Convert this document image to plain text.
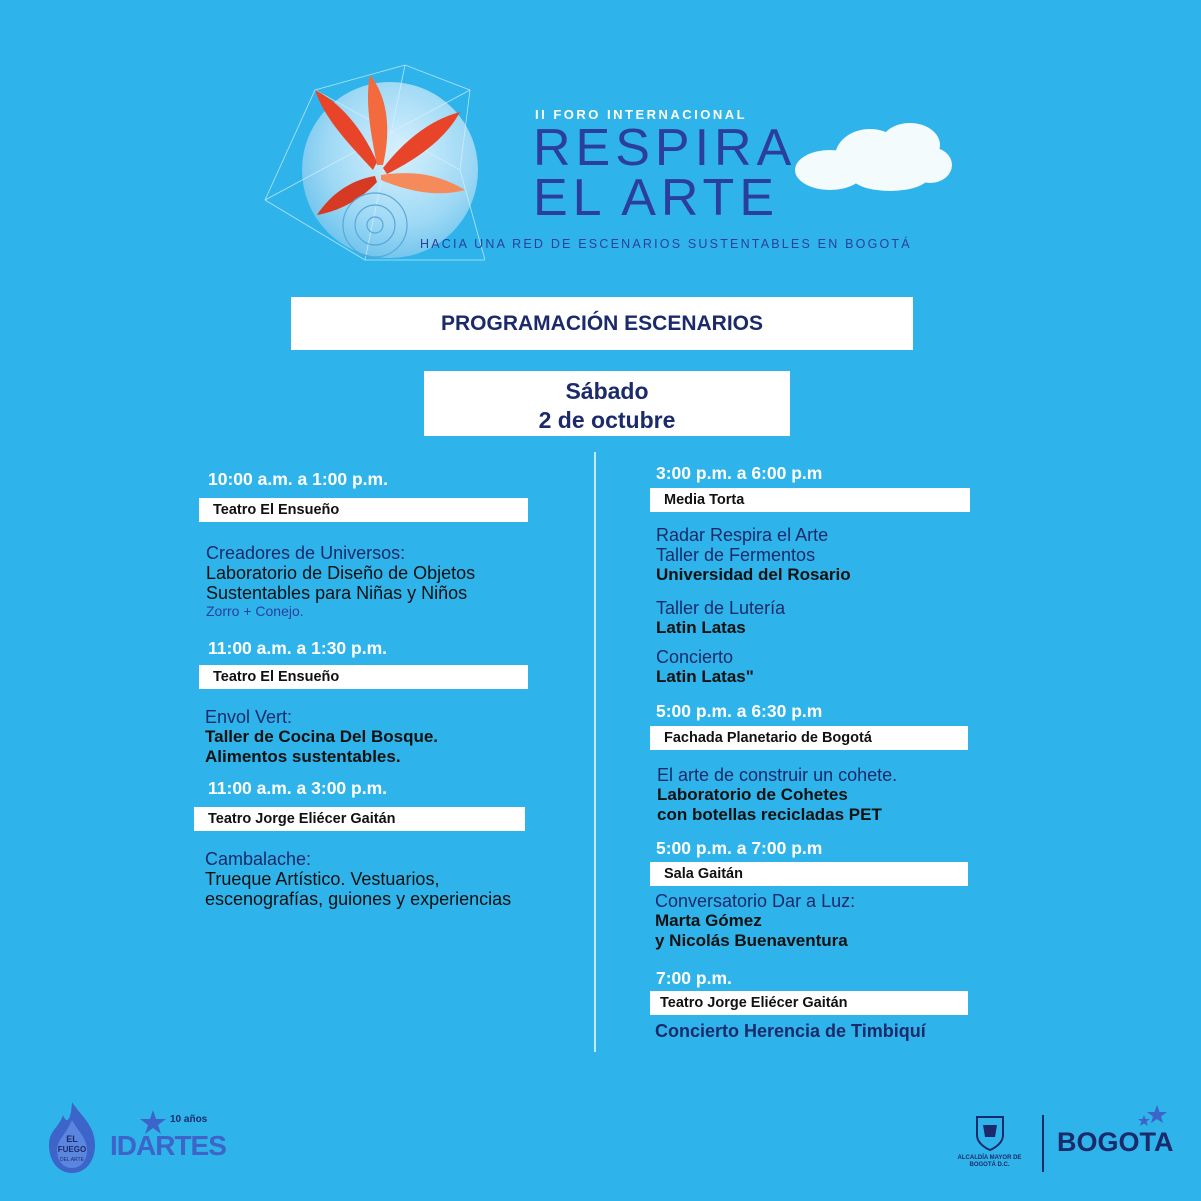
II FORO INTERNACIONAL
RESPIRA
EL ARTE
HACIA UNA RED DE ESCENARIOS SUSTENTABLES EN BOGOTÁ
PROGRAMACIÓN ESCENARIOS
Sábado
2 de octubre
10:00 a.m. a 1:00 p.m.
Teatro El Ensueño
Creadores de Universos:
Laboratorio de Diseño de Objetos
Sustentables para Niñas y Niños
Zorro + Conejo.
11:00 a.m. a 1:30 p.m.
Teatro El Ensueño
Envol Vert:
Taller de Cocina Del Bosque.
Alimentos sustentables.
11:00 a.m. a 3:00 p.m.
Teatro Jorge Eliécer Gaitán
Cambalache:
Trueque Artístico. Vestuarios,
escenografías, guiones y experiencias
3:00 p.m. a 6:00 p.m
Media Torta
Radar Respira el Arte
Taller de Fermentos
Universidad del Rosario
Taller de Lutería
Latin Latas
Concierto
Latin Latas"
5:00 p.m. a 6:30 p.m
Fachada Planetario de Bogotá
El arte de construir un cohete.
Laboratorio de Cohetes
con botellas recicladas PET
5:00 p.m. a 7:00 p.m
Sala Gaitán
Conversatorio Dar a Luz:
Marta Gómez
y Nicolás Buenaventura
7:00 p.m.
Teatro Jorge Eliécer Gaitán
Concierto Herencia de Timbiquí
EL
FUEGO
DEL ARTE
10 años
IDARTES	ALCALDÍA MAYOR DE BOGOTÁ D.C.
BOGOTA
